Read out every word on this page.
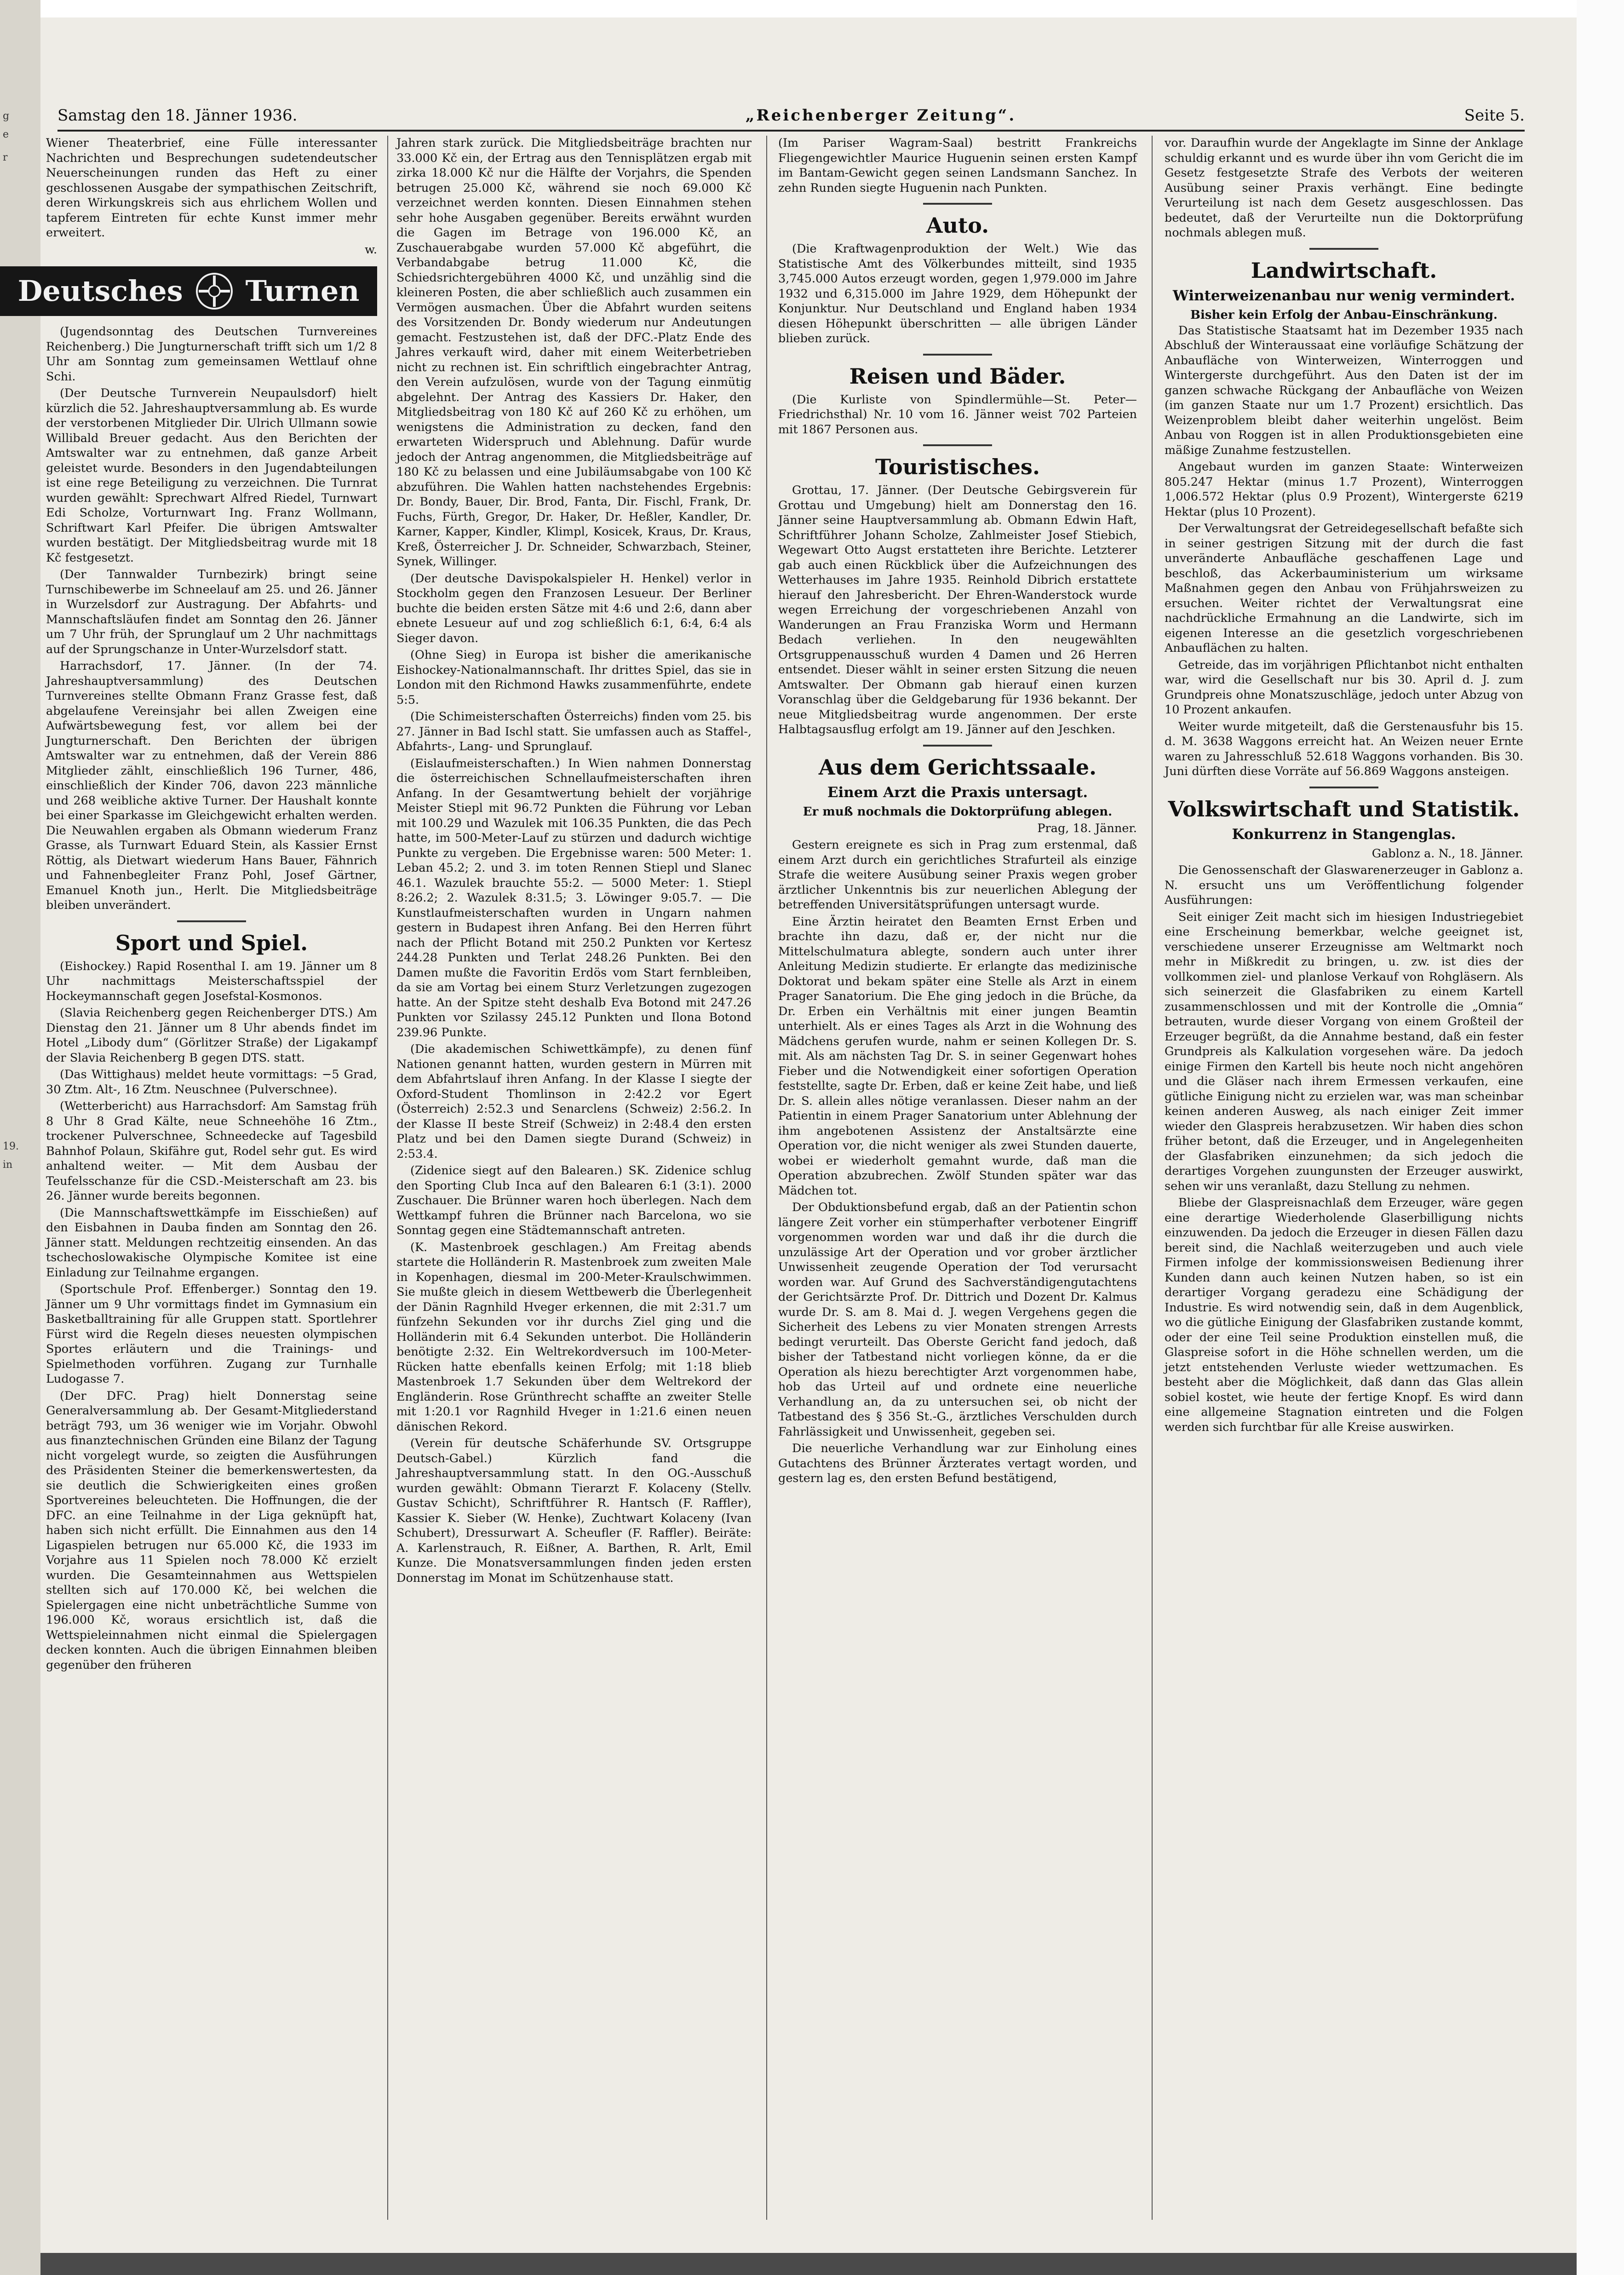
g
e
r
19.
in
Samstag den 18. Jänner 1936.	„Reichenberger Zeitung“.	Seite 5.

Wiener Theaterbrief, eine Fülle interessanter Nachrichten und Besprechungen sudetendeutscher Neuerscheinungen runden das Heft zu einer geschlossenen Ausgabe der sympathischen Zeitschrift, deren Wirkungskreis sich aus ehrlichem Wollen und tapferem Eintreten für echte Kunst immer mehr erweitert.

w.
Deutsches Turnen

(Jugendsonntag des Deutschen Turnvereines Reichenberg.) Die Jungturnerschaft trifft sich um 1/2 8 Uhr am Sonntag zum gemeinsamen Wettlauf ohne Schi.

(Der Deutsche Turnverein Neupaulsdorf) hielt kürzlich die 52. Jahreshauptversammlung ab. Es wurde der verstorbenen Mitglieder Dir. Ulrich Ullmann sowie Willibald Breuer gedacht. Aus den Berichten der Amtswalter war zu entnehmen, daß ganze Arbeit geleistet wurde. Besonders in den Jugendabteilungen ist eine rege Beteiligung zu verzeichnen. Die Turnrat wurden gewählt: Sprechwart Alfred Riedel, Turnwart Edi Scholze, Vorturnwart Ing. Franz Wollmann, Schriftwart Karl Pfeifer. Die übrigen Amtswalter wurden bestätigt. Der Mitgliedsbeitrag wurde mit 18 Kč festgesetzt.

(Der Tannwalder Turnbezirk) bringt seine Turnschibewerbe im Schneelauf am 25. und 26. Jänner in Wurzelsdorf zur Austragung. Der Abfahrts- und Mannschaftsläufen findet am Sonntag den 26. Jänner um 7 Uhr früh, der Sprunglauf um 2 Uhr nachmittags auf der Sprungschanze in Unter-Wurzelsdorf statt.

Harrachsdorf, 17. Jänner. (In der 74. Jahreshauptversammlung) des Deutschen Turnvereines stellte Obmann Franz Grasse fest, daß abgelaufene Vereinsjahr bei allen Zweigen eine Aufwärtsbewegung fest, vor allem bei der Jungturnerschaft. Den Berichten der übrigen Amtswalter war zu entnehmen, daß der Verein 886 Mitglieder zählt, einschließlich 196 Turner, 486, einschließlich der Kinder 706, davon 223 männliche und 268 weibliche aktive Turner. Der Haushalt konnte bei einer Sparkasse im Gleichgewicht erhalten werden. Die Neuwahlen ergaben als Obmann wiederum Franz Grasse, als Turnwart Eduard Stein, als Kassier Ernst Röttig, als Dietwart wiederum Hans Bauer, Fähnrich und Fahnenbegleiter Franz Pohl, Josef Gärtner, Emanuel Knoth jun., Herlt. Die Mitgliedsbeiträge bleiben unverändert.

Sport und Spiel.

(Eishockey.) Rapid Rosenthal I. am 19. Jänner um 8 Uhr nachmittags Meisterschaftsspiel der Hockeymannschaft gegen Josefstal-Kosmonos.

(Slavia Reichenberg gegen Reichenberger DTS.) Am Dienstag den 21. Jänner um 8 Uhr abends findet im Hotel „Libody dum“ (Görlitzer Straße) der Ligakampf der Slavia Reichenberg B gegen DTS. statt.

(Das Wittighaus) meldet heute vormittags: −5 Grad, 30 Ztm. Alt-, 16 Ztm. Neuschnee (Pulverschnee).

(Wetterbericht) aus Harrachsdorf: Am Samstag früh 8 Uhr 8 Grad Kälte, neue Schneehöhe 16 Ztm., trockener Pulverschnee, Schneedecke auf Tagesbild Bahnhof Polaun, Skifähre gut, Rodel sehr gut. Es wird anhaltend weiter. — Mit dem Ausbau der Teufelsschanze für die CSD.-Meisterschaft am 23. bis 26. Jänner wurde bereits begonnen.

(Die Mannschaftswettkämpfe im Eisschießen) auf den Eisbahnen in Dauba finden am Sonntag den 26. Jänner statt. Meldungen rechtzeitig einsenden. An das tschechoslowakische Olympische Komitee ist eine Einladung zur Teilnahme ergangen.

(Sportschule Prof. Effenberger.) Sonntag den 19. Jänner um 9 Uhr vormittags findet im Gymnasium ein Basketballtraining für alle Gruppen statt. Sportlehrer Fürst wird die Regeln dieses neuesten olympischen Sportes erläutern und die Trainings- und Spielmethoden vorführen. Zugang zur Turnhalle Ludogasse 7.

(Der DFC. Prag) hielt Donnerstag seine Generalversammlung ab. Der Gesamt-Mitgliederstand beträgt 793, um 36 weniger wie im Vorjahr. Obwohl aus finanztechnischen Gründen eine Bilanz der Tagung nicht vorgelegt wurde, so zeigten die Ausführungen des Präsidenten Steiner die bemerkenswertesten, da sie deutlich die Schwierigkeiten eines großen Sportvereines beleuchteten. Die Hoffnungen, die der DFC. an eine Teilnahme in der Liga geknüpft hat, haben sich nicht erfüllt. Die Einnahmen aus den 14 Ligaspielen betrugen nur 65.000 Kč, die 1933 im Vorjahre aus 11 Spielen noch 78.000 Kč erzielt wurden. Die Gesamteinnahmen aus Wettspielen stellten sich auf 170.000 Kč, bei welchen die Spielergagen eine nicht unbeträchtliche Summe von 196.000 Kč, woraus ersichtlich ist, daß die Wettspieleinnahmen nicht einmal die Spielergagen decken konnten. Auch die übrigen Einnahmen bleiben gegenüber den früheren

Jahren stark zurück. Die Mitgliedsbeiträge brachten nur 33.000 Kč ein, der Ertrag aus den Tennisplätzen ergab mit zirka 18.000 Kč nur die Hälfte der Vorjahrs, die Spenden betrugen 25.000 Kč, während sie noch 69.000 Kč verzeichnet werden konnten. Diesen Einnahmen stehen sehr hohe Ausgaben gegenüber. Bereits erwähnt wurden die Gagen im Betrage von 196.000 Kč, an Zuschauerabgabe wurden 57.000 Kč abgeführt, die Verbandabgabe betrug 11.000 Kč, die Schiedsrichtergebühren 4000 Kč, und unzählig sind die kleineren Posten, die aber schließlich auch zusammen ein Vermögen ausmachen. Über die Abfahrt wurden seitens des Vorsitzenden Dr. Bondy wiederum nur Andeutungen gemacht. Festzustehen ist, daß der DFC.-Platz Ende des Jahres verkauft wird, daher mit einem Weiterbetrieben nicht zu rechnen ist. Ein schriftlich eingebrachter Antrag, den Verein aufzulösen, wurde von der Tagung einmütig abgelehnt. Der Antrag des Kassiers Dr. Haker, den Mitgliedsbeitrag von 180 Kč auf 260 Kč zu erhöhen, um wenigstens die Administration zu decken, fand den erwarteten Widerspruch und Ablehnung. Dafür wurde jedoch der Antrag angenommen, die Mitgliedsbeiträge auf 180 Kč zu belassen und eine Jubiläumsabgabe von 100 Kč abzuführen. Die Wahlen hatten nachstehendes Ergebnis: Dr. Bondy, Bauer, Dir. Brod, Fanta, Dir. Fischl, Frank, Dr. Fuchs, Fürth, Gregor, Dr. Haker, Dr. Heßler, Kandler, Dr. Karner, Kapper, Kindler, Klimpl, Kosicek, Kraus, Dr. Kraus, Kreß, Österreicher J. Dr. Schneider, Schwarzbach, Steiner, Synek, Willinger.

(Der deutsche Davispokalspieler H. Henkel) verlor in Stockholm gegen den Franzosen Lesueur. Der Berliner buchte die beiden ersten Sätze mit 4:6 und 2:6, dann aber ebnete Lesueur auf und zog schließlich 6:1, 6:4, 6:4 als Sieger davon.

(Ohne Sieg) in Europa ist bisher die amerikanische Eishockey-Nationalmannschaft. Ihr drittes Spiel, das sie in London mit den Richmond Hawks zusammenführte, endete 5:5.

(Die Schimeisterschaften Österreichs) finden vom 25. bis 27. Jänner in Bad Ischl statt. Sie umfassen auch as Staffel-, Abfahrts-, Lang- und Sprunglauf.

(Eislaufmeisterschaften.) In Wien nahmen Donnerstag die österreichischen Schnellaufmeisterschaften ihren Anfang. In der Gesamtwertung behielt der vorjährige Meister Stiepl mit 96.72 Punkten die Führung vor Leban mit 100.29 und Wazulek mit 106.35 Punkten, die das Pech hatte, im 500-Meter-Lauf zu stürzen und dadurch wichtige Punkte zu vergeben. Die Ergebnisse waren: 500 Meter: 1. Leban 45.2; 2. und 3. im toten Rennen Stiepl und Slanec 46.1. Wazulek brauchte 55:2. — 5000 Meter: 1. Stiepl 8:26.2; 2. Wazulek 8:31.5; 3. Löwinger 9:05.7. — Die Kunstlaufmeisterschaften wurden in Ungarn nahmen gestern in Budapest ihren Anfang. Bei den Herren führt nach der Pflicht Botand mit 250.2 Punkten vor Kertesz 244.28 Punkten und Terlat 248.26 Punkten. Bei den Damen mußte die Favoritin Erdös vom Start fernbleiben, da sie am Vortag bei einem Sturz Verletzungen zugezogen hatte. An der Spitze steht deshalb Eva Botond mit 247.26 Punkten vor Szilassy 245.12 Punkten und Ilona Botond 239.96 Punkte.

(Die akademischen Schiwettkämpfe), zu denen fünf Nationen genannt hatten, wurden gestern in Mürren mit dem Abfahrtslauf ihren Anfang. In der Klasse I siegte der Oxford-Student Thomlinson in 2:42.2 vor Egert (Österreich) 2:52.3 und Senarclens (Schweiz) 2:56.2. In der Klasse II beste Streif (Schweiz) in 2:48.4 den ersten Platz und bei den Damen siegte Durand (Schweiz) in 2:53.4.

(Zidenice siegt auf den Balearen.) SK. Zidenice schlug den Sporting Club Inca auf den Balearen 6:1 (3:1). 2000 Zuschauer. Die Brünner waren hoch überlegen. Nach dem Wettkampf fuhren die Brünner nach Barcelona, wo sie Sonntag gegen eine Städtemannschaft antreten.

(K. Mastenbroek geschlagen.) Am Freitag abends startete die Holländerin R. Mastenbroek zum zweiten Male in Kopenhagen, diesmal im 200-Meter-Kraulschwimmen. Sie mußte gleich in diesem Wettbewerb die Überlegenheit der Dänin Ragnhild Hveger erkennen, die mit 2:31.7 um fünfzehn Sekunden vor ihr durchs Ziel ging und die Holländerin mit 6.4 Sekunden unterbot. Die Holländerin benötigte 2:32. Ein Weltrekordversuch im 100-Meter-Rücken hatte ebenfalls keinen Erfolg; mit 1:18 blieb Mastenbroek 1.7 Sekunden über dem Weltrekord der Engländerin. Rose Grünthrecht schaffte an zweiter Stelle mit 1:20.1 vor Ragnhild Hveger in 1:21.6 einen neuen dänischen Rekord.

(Verein für deutsche Schäferhunde SV. Ortsgruppe Deutsch-Gabel.) Kürzlich fand die Jahreshauptversammlung statt. In den OG.-Ausschuß wurden gewählt: Obmann Tierarzt F. Kolaceny (Stellv. Gustav Schicht), Schriftführer R. Hantsch (F. Raffler), Kassier K. Sieber (W. Henke), Zuchtwart Kolaceny (Ivan Schubert), Dressurwart A. Scheufler (F. Raffler). Beiräte: A. Karlenstrauch, R. Eißner, A. Barthen, R. Arlt, Emil Kunze. Die Monatsversammlungen finden jeden ersten Donnerstag im Monat im Schützenhause statt.

(Im Pariser Wagram-Saal) bestritt Frankreichs Fliegengewichtler Maurice Huguenin seinen ersten Kampf im Bantam-Gewicht gegen seinen Landsmann Sanchez. In zehn Runden siegte Huguenin nach Punkten.

Auto.

(Die Kraftwagenproduktion der Welt.) Wie das Statistische Amt des Völkerbundes mitteilt, sind 1935 3,745.000 Autos erzeugt worden, gegen 1,979.000 im Jahre 1932 und 6,315.000 im Jahre 1929, dem Höhepunkt der Konjunktur. Nur Deutschland und England haben 1934 diesen Höhepunkt überschritten — alle übrigen Länder blieben zurück.

Reisen und Bäder.

(Die Kurliste von Spindlermühle—St. Peter—Friedrichsthal) Nr. 10 vom 16. Jänner weist 702 Parteien mit 1867 Personen aus.

Touristisches.

Grottau, 17. Jänner. (Der Deutsche Gebirgsverein für Grottau und Umgebung) hielt am Donnerstag den 16. Jänner seine Hauptversammlung ab. Obmann Edwin Haft, Schriftführer Johann Scholze, Zahlmeister Josef Stiebich, Wegewart Otto Augst erstatteten ihre Berichte. Letzterer gab auch einen Rückblick über die Aufzeichnungen des Wetterhauses im Jahre 1935. Reinhold Dibrich erstattete hierauf den Jahresbericht. Der Ehren-Wanderstock wurde wegen Erreichung der vorgeschriebenen Anzahl von Wanderungen an Frau Franziska Worm und Hermann Bedach verliehen. In den neugewählten Ortsgruppenausschuß wurden 4 Damen und 26 Herren entsendet. Dieser wählt in seiner ersten Sitzung die neuen Amtswalter. Der Obmann gab hierauf einen kurzen Voranschlag über die Geldgebarung für 1936 bekannt. Der neue Mitgliedsbeitrag wurde angenommen. Der erste Halbtagsausflug erfolgt am 19. Jänner auf den Jeschken.

Aus dem Gerichtssaale.
Einem Arzt die Praxis untersagt.
Er muß nochmals die Doktorprüfung ablegen.
Prag, 18. Jänner.

Gestern ereignete es sich in Prag zum erstenmal, daß einem Arzt durch ein gerichtliches Strafurteil als einzige Strafe die weitere Ausübung seiner Praxis wegen grober ärztlicher Unkenntnis bis zur neuerlichen Ablegung der betreffenden Universitätsprüfungen untersagt wurde.

Eine Ärztin heiratet den Beamten Ernst Erben und brachte ihn dazu, daß er, der nicht nur die Mittelschulmatura ablegte, sondern auch unter ihrer Anleitung Medizin studierte. Er erlangte das medizinische Doktorat und bekam später eine Stelle als Arzt in einem Prager Sanatorium. Die Ehe ging jedoch in die Brüche, da Dr. Erben ein Verhältnis mit einer jungen Beamtin unterhielt. Als er eines Tages als Arzt in die Wohnung des Mädchens gerufen wurde, nahm er seinen Kollegen Dr. S. mit. Als am nächsten Tag Dr. S. in seiner Gegenwart hohes Fieber und die Notwendigkeit einer sofortigen Operation feststellte, sagte Dr. Erben, daß er keine Zeit habe, und ließ Dr. S. allein alles nötige veranlassen. Dieser nahm an der Patientin in einem Prager Sanatorium unter Ablehnung der ihm angebotenen Assistenz der Anstaltsärzte eine Operation vor, die nicht weniger als zwei Stunden dauerte, wobei er wiederholt gemahnt wurde, daß man die Operation abzubrechen. Zwölf Stunden später war das Mädchen tot.

Der Obduktionsbefund ergab, daß an der Patientin schon längere Zeit vorher ein stümperhafter verbotener Eingriff vorgenommen worden war und daß ihr die durch die unzulässige Art der Operation und vor grober ärztlicher Unwissenheit zeugende Operation der Tod verursacht worden war. Auf Grund des Sachverständigengutachtens der Gerichtsärzte Prof. Dr. Dittrich und Dozent Dr. Kalmus wurde Dr. S. am 8. Mai d. J. wegen Vergehens gegen die Sicherheit des Lebens zu vier Monaten strengen Arrests bedingt verurteilt. Das Oberste Gericht fand jedoch, daß bisher der Tatbestand nicht vorliegen könne, da er die Operation als hiezu berechtigter Arzt vorgenommen habe, hob das Urteil auf und ordnete eine neuerliche Verhandlung an, da zu untersuchen sei, ob nicht der Tatbestand des § 356 St.-G., ärztliches Verschulden durch Fahrlässigkeit und Unwissenheit, gegeben sei.

Die neuerliche Verhandlung war zur Einholung eines Gutachtens des Brünner Ärzterates vertagt worden, und gestern lag es, den ersten Befund bestätigend,

vor. Daraufhin wurde der Angeklagte im Sinne der Anklage schuldig erkannt und es wurde über ihn vom Gericht die im Gesetz festgesetzte Strafe des Verbots der weiteren Ausübung seiner Praxis verhängt. Eine bedingte Verurteilung ist nach dem Gesetz ausgeschlossen. Das bedeutet, daß der Verurteilte nun die Doktorprüfung nochmals ablegen muß.

Landwirtschaft.
Winterweizenanbau nur wenig vermindert.
Bisher kein Erfolg der Anbau-Einschränkung.

Das Statistische Staatsamt hat im Dezember 1935 nach Abschluß der Winteraussaat eine vorläufige Schätzung der Anbaufläche von Winterweizen, Winterroggen und Wintergerste durchgeführt. Aus den Daten ist der im ganzen schwache Rückgang der Anbaufläche von Weizen (im ganzen Staate nur um 1.7 Prozent) ersichtlich. Das Weizenproblem bleibt daher weiterhin ungelöst. Beim Anbau von Roggen ist in allen Produktionsgebieten eine mäßige Zunahme festzustellen.

Angebaut wurden im ganzen Staate: Winterweizen 805.247 Hektar (minus 1.7 Prozent), Winterroggen 1,006.572 Hektar (plus 0.9 Prozent), Wintergerste 6219 Hektar (plus 10 Prozent).

Der Verwaltungsrat der Getreidegesellschaft befaßte sich in seiner gestrigen Sitzung mit der durch die fast unveränderte Anbaufläche geschaffenen Lage und beschloß, das Ackerbauministerium um wirksame Maßnahmen gegen den Anbau von Frühjahrsweizen zu ersuchen. Weiter richtet der Verwaltungsrat eine nachdrückliche Ermahnung an die Landwirte, sich im eigenen Interesse an die gesetzlich vorgeschriebenen Anbauflächen zu halten.

Getreide, das im vorjährigen Pflichtanbot nicht enthalten war, wird die Gesellschaft nur bis 30. April d. J. zum Grundpreis ohne Monatszuschläge, jedoch unter Abzug von 10 Prozent ankaufen.

Weiter wurde mitgeteilt, daß die Gerstenausfuhr bis 15. d. M. 3638 Waggons erreicht hat. An Weizen neuer Ernte waren zu Jahresschluß 52.618 Waggons vorhanden. Bis 30. Juni dürften diese Vorräte auf 56.869 Waggons ansteigen.

Volkswirtschaft und Statistik.
Konkurrenz in Stangenglas.
Gablonz a. N., 18. Jänner.

Die Genossenschaft der Glaswarenerzeuger in Gablonz a. N. ersucht uns um Veröffentlichung folgender Ausführungen:

Seit einiger Zeit macht sich im hiesigen Industriegebiet eine Erscheinung bemerkbar, welche geeignet ist, verschiedene unserer Erzeugnisse am Weltmarkt noch mehr in Mißkredit zu bringen, u. zw. ist dies der vollkommen ziel- und planlose Verkauf von Rohgläsern. Als sich seinerzeit die Glasfabriken zu einem Kartell zusammenschlossen und mit der Kontrolle die „Omnia“ betrauten, wurde dieser Vorgang von einem Großteil der Erzeuger begrüßt, da die Annahme bestand, daß ein fester Grundpreis als Kalkulation vorgesehen wäre. Da jedoch einige Firmen den Kartell bis heute noch nicht angehören und die Gläser nach ihrem Ermessen verkaufen, eine gütliche Einigung nicht zu erzielen war, was man scheinbar keinen anderen Ausweg, als nach einiger Zeit immer wieder den Glaspreis herabzusetzen. Wir haben dies schon früher betont, daß die Erzeuger, und in Angelegenheiten der Glasfabriken einzunehmen; da sich jedoch die derartiges Vorgehen zuungunsten der Erzeuger auswirkt, sehen wir uns veranlaßt, dazu Stellung zu nehmen.

Bliebe der Glaspreisnachlaß dem Erzeuger, wäre gegen eine derartige Wiederholende Glaserbilligung nichts einzuwenden. Da jedoch die Erzeuger in diesen Fällen dazu bereit sind, die Nachlaß weiterzugeben und auch viele Firmen infolge der kommissionsweisen Bedienung ihrer Kunden dann auch keinen Nutzen haben, so ist ein derartiger Vorgang geradezu eine Schädigung der Industrie. Es wird notwendig sein, daß in dem Augenblick, wo die gütliche Einigung der Glasfabriken zustande kommt, oder der eine Teil seine Produktion einstellen muß, die Glaspreise sofort in die Höhe schnellen werden, um die jetzt entstehenden Verluste wieder wettzumachen. Es besteht aber die Möglichkeit, daß dann das Glas allein sobiel kostet, wie heute der fertige Knopf. Es wird dann eine allgemeine Stagnation eintreten und die Folgen werden sich furchtbar für alle Kreise auswirken.
